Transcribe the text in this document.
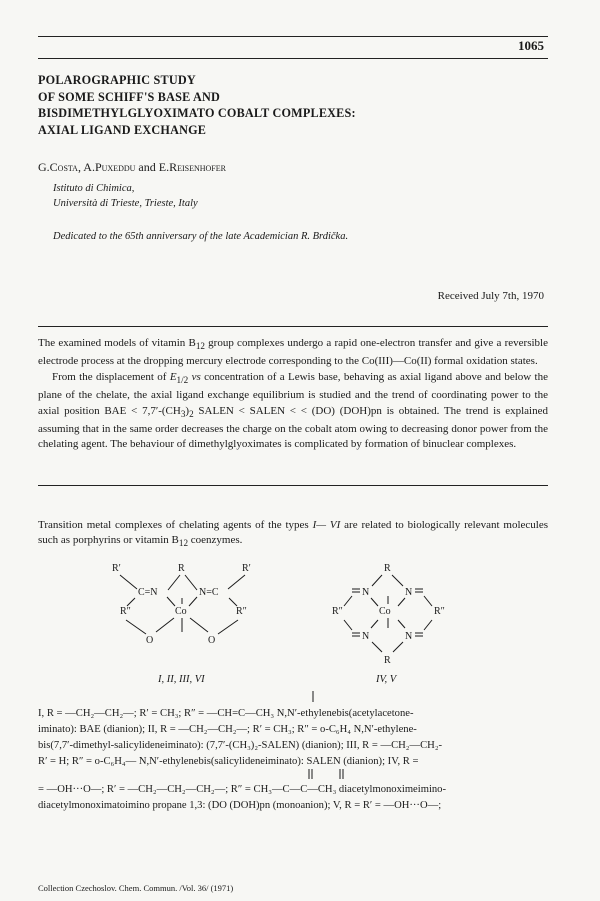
1065
POLAROGRAPHIC STUDY
OF SOME SCHIFF'S BASE AND
BISDIMETHYLGLYOXIMATO COBALT COMPLEXES:
AXIAL LIGAND EXCHANGE
G.Costa, A.Puxeddu and E.Reisenhofer
Istituto di Chimica,
Università di Trieste, Trieste, Italy
Dedicated to the 65th anniversary of the late Academician R. Brdička.
Received July 7th, 1970

The examined models of vitamin $B_{12}$ group complexes undergo a rapid one-electron transfer and give a reversible electrode process at the dropping mercury electrode corresponding to the Co(III)—Co(II) formal oxidation states.

From the displacement of $E_{1/2}$ vs concentration of a Lewis base, behaving as axial ligand above and below the plane of the chelate, the axial ligand exchange equilibrium is studied and the trend of coordinating power to the axial position BAE < $7,7'-(CH_3)_2$ SALEN < SALEN < < (DO) (DOH)pn is obtained. The trend is explained assuming that in the same order decreases the charge on the cobalt atom owing to decreasing donor power from the chelating agent. The behaviour of dimethylglyoximates is complicated by formation of binuclear complexes.

Transition metal complexes of chelating agents of the types I— VI are related to biologically relevant molecules such as porphyrins or vitamin $B_{12}$ coenzymes.
R′	R	R′
C=N	N=C
R″	R″
Co
O	O
R
N	N
R″	R″
Co
N	N
R
I, II, III, VI	IV, V
I, R = —CH₂—CH₂—; R′ = CH₃; R″ = —CH=C—CH₃ N,N′-ethylenebis(acetylacetone-
iminato): BAE (dianion); II, R = —CH₂—CH₂—; R′ = CH₃; R″ = o-C₆H₄ N,N′-ethylene-
bis(7,7′-dimethyl-salicylideneiminato): (7,7′-(CH₃)₂-SALEN) (dianion); III, R = —CH₂—CH₂-
R′ = H; R″ = o-C₆H₄— N,N′-ethylenebis(salicylideneiminato): SALEN (dianion); IV, R =
= —OH···O—; R′ = —CH₂—CH₂—CH₂—; R″ = CH₃—C—C—CH₃ diacetylmonoximeimino-
diacetylmonoximatoimino propane 1,3: (DO (DOH)pn (monoanion); V, R = R′ = —OH···O—;
Collection Czechoslov. Chem. Commun. /Vol. 36/ (1971)
